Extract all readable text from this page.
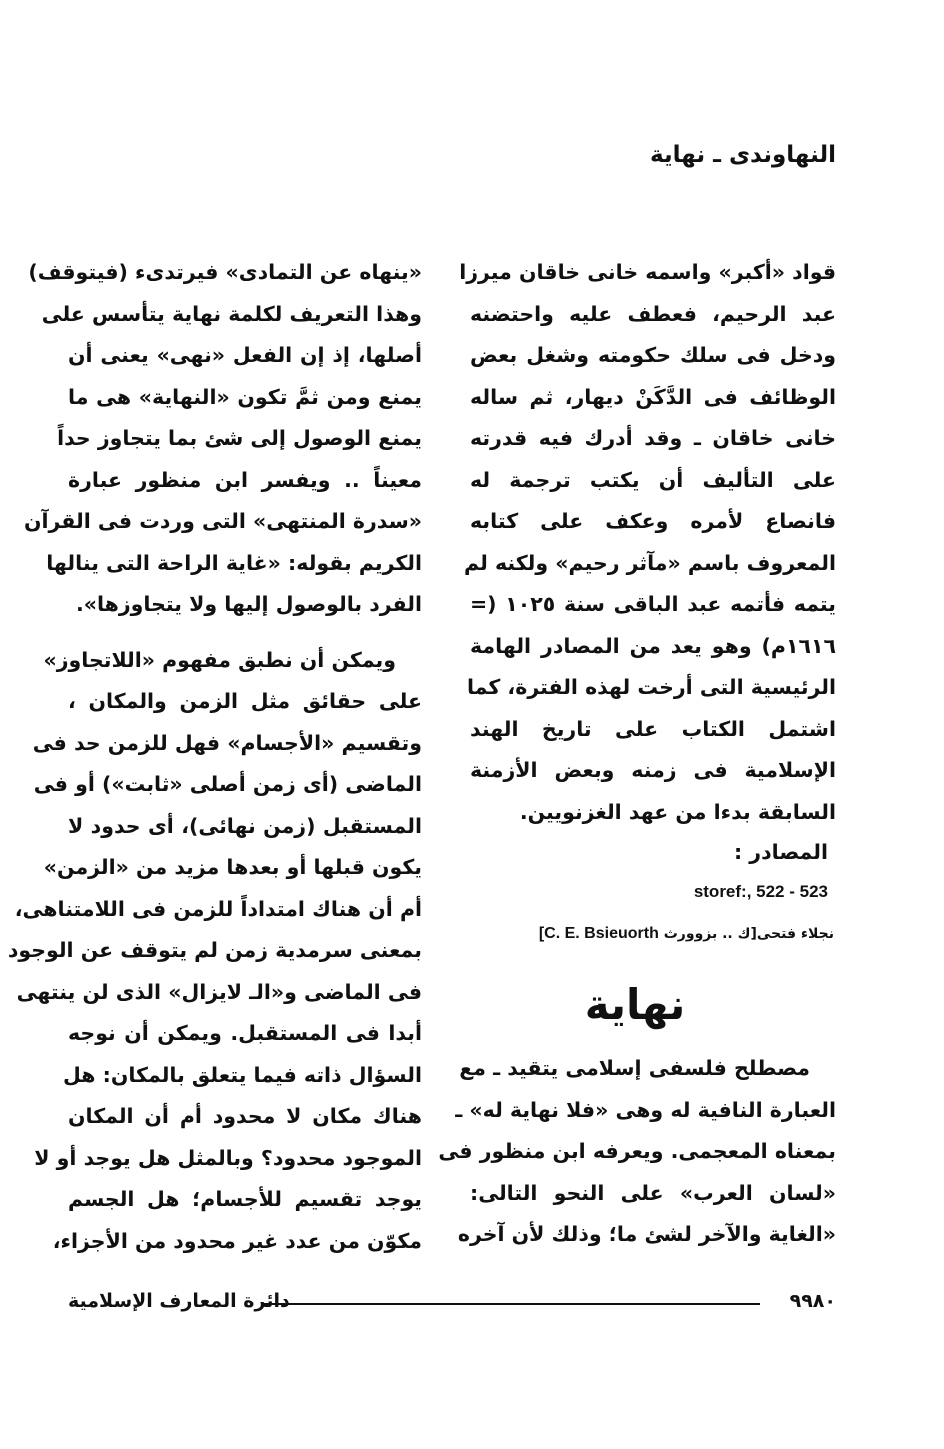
النهاوندى ـ نهاية
قواد «أكبر» واسمه خانى خاقان ميرزا
عبد الرحيم، فعطف عليه واحتضنه
ودخل فى سلك حكومته وشغل بعض
الوظائف فى الدَّكَنْ ديهار، ثم ساله
خانى خاقان ـ وقد أدرك فيه قدرته
على التأليف أن يكتب ترجمة له
فانصاع لأمره وعكف على كتابه
المعروف باسم «مآثر رحيم» ولكنه لم
يتمه فأتمه عبد الباقى سنة ١٠٢٥ (=
١٦١٦م) وهو يعد من المصادر الهامة
الرئيسية التى أرخت لهذه الفترة، كما
اشتمل الكتاب على تاريخ الهند
الإسلامية فى زمنه وبعض الأزمنة
السابقة بدءا من عهد الغزنويين.
المصادر :
storef:, 522 - 523
نجلاء فتحى[ك .. بزوورث [C. E. Bsieuorth
نهاية
مصطلح فلسفى إسلامى يتقيد ـ مع
العبارة النافية له وهى «فلا نهاية له» ـ
بمعناه المعجمى. ويعرفه ابن منظور فى
«لسان العرب» على النحو التالى:
«الغاية والآخر لشئ ما؛ وذلك لأن آخره
«ينهاه عن التمادى» فيرتدىء (فيتوقف)
وهذا التعريف لكلمة نهاية يتأسس على
أصلها، إذ إن الفعل «نهى» يعنى أن
يمنع ومن ثمَّ تكون «النهاية» هى ما
يمنع الوصول إلى شئ بما يتجاوز حداً
معيناً .. ويفسر ابن منظور عبارة
«سدرة المنتهى» التى وردت فى القرآن
الكريم بقوله: «غاية الراحة التى ينالها
الفرد بالوصول إليها ولا يتجاوزها».
ويمكن أن نطبق مفهوم «اللاتجاوز»
على حقائق مثل الزمن والمكان ،
وتقسيم «الأجسام» فهل للزمن حد فى
الماضى (أى زمن أصلى «ثابت») أو فى
المستقبل (زمن نهائى)، أى حدود لا
يكون قبلها أو بعدها مزيد من «الزمن»
أم أن هناك امتداداً للزمن فى اللامتناهى،
بمعنى سرمدية زمن لم يتوقف عن الوجود
فى الماضى و«الـ لايزال» الذى لن ينتهى
أبدا فى المستقبل. ويمكن أن نوجه
السؤال ذاته فيما يتعلق بالمكان: هل
هناك مكان لا محدود أم أن المكان
الموجود محدود؟ وبالمثل هل يوجد أو لا
يوجد تقسيم للأجسام؛ هل الجسم
مكوّن من عدد غير محدود من الأجزاء،
٩٩٨٠
دائرة المعارف الإسلامية
